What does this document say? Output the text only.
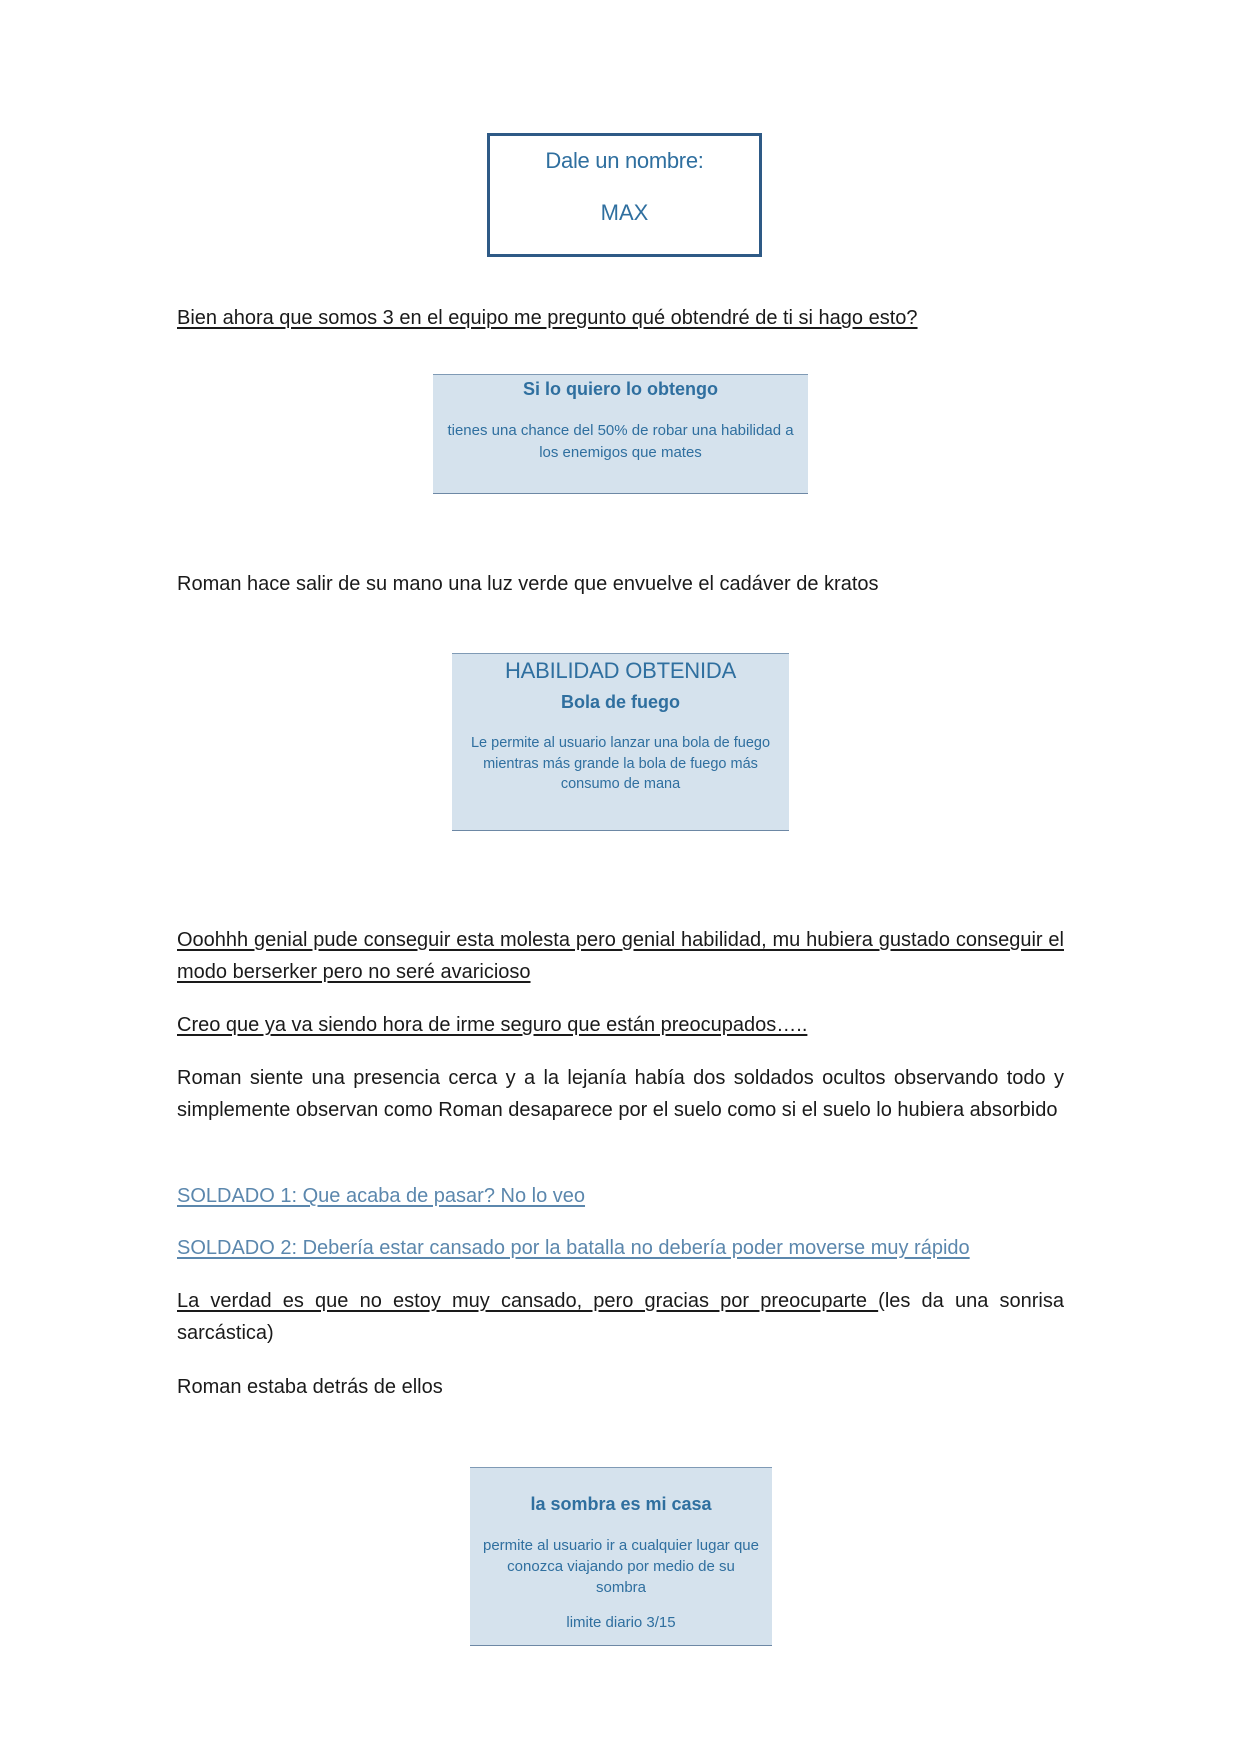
Dale un nombre:
MAX
Bien ahora que somos 3 en el equipo me pregunto qué obtendré de ti si hago esto?
Si lo quiero lo obtengo
tienes una chance del 50% de robar una habilidad a los enemigos que mates
Roman hace salir de su mano una luz verde que envuelve el cadáver de kratos
HABILIDAD OBTENIDA
Bola de fuego
Le permite al usuario lanzar una bola de fuego mientras más grande la bola de fuego más consumo de mana
Ooohhh genial pude conseguir esta molesta pero genial habilidad, mu hubiera gustado conseguir el modo berserker pero no seré avaricioso
Creo que ya va siendo hora de irme seguro que están preocupados…..
Roman siente una presencia cerca y a la lejanía había dos soldados ocultos observando todo y simplemente observan como Roman desaparece por el suelo como si el suelo lo hubiera absorbido
SOLDADO 1: Que acaba de pasar? No lo veo
SOLDADO 2: Debería estar cansado por la batalla no debería poder moverse muy rápido
La verdad es que no estoy muy cansado, pero gracias por preocuparte (les da una sonrisa sarcástica)
Roman estaba detrás de ellos
la sombra es mi casa
permite al usuario ir a cualquier lugar que conozca viajando por medio de su sombra
limite diario 3/15
